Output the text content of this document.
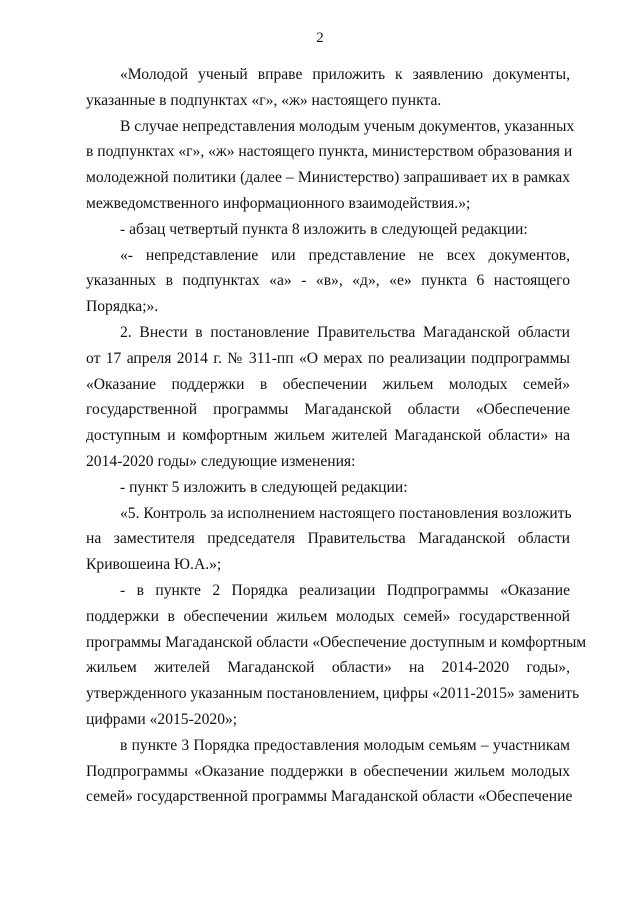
2
«Молодой ученый вправе приложить к заявлению документы,
указанные в подпунктах «г», «ж» настоящего пункта.
В случае непредставления молодым ученым документов, указанных
в подпунктах «г», «ж» настоящего пункта, министерством образования и
молодежной политики (далее – Министерство) запрашивает их в рамках
межведомственного информационного взаимодействия.»;
- абзац четвертый пункта 8 изложить в следующей редакции:
«- непредставление или представление не всех документов,
указанных в подпунктах «а» - «в», «д», «е» пункта 6 настоящего
Порядка;».
2. Внести в постановление Правительства Магаданской области
от 17 апреля 2014 г. № 311-пп «О мерах по реализации подпрограммы
«Оказание поддержки в обеспечении жильем молодых семей»
государственной программы Магаданской области «Обеспечение
доступным и комфортным жильем жителей Магаданской области» на
2014-2020 годы» следующие изменения:
- пункт 5 изложить в следующей редакции:
«5. Контроль за исполнением настоящего постановления возложить
на заместителя председателя Правительства Магаданской области
Кривошеина Ю.А.»;
- в пункте 2 Порядка реализации Подпрограммы «Оказание
поддержки в обеспечении жильем молодых семей» государственной
программы Магаданской области «Обеспечение доступным и комфортным
жильем жителей Магаданской области» на 2014-2020 годы»,
утвержденного указанным постановлением, цифры «2011-2015» заменить
цифрами «2015-2020»;
в пункте 3 Порядка предоставления молодым семьям – участникам
Подпрограммы «Оказание поддержки в обеспечении жильем молодых
семей» государственной программы Магаданской области «Обеспечение
